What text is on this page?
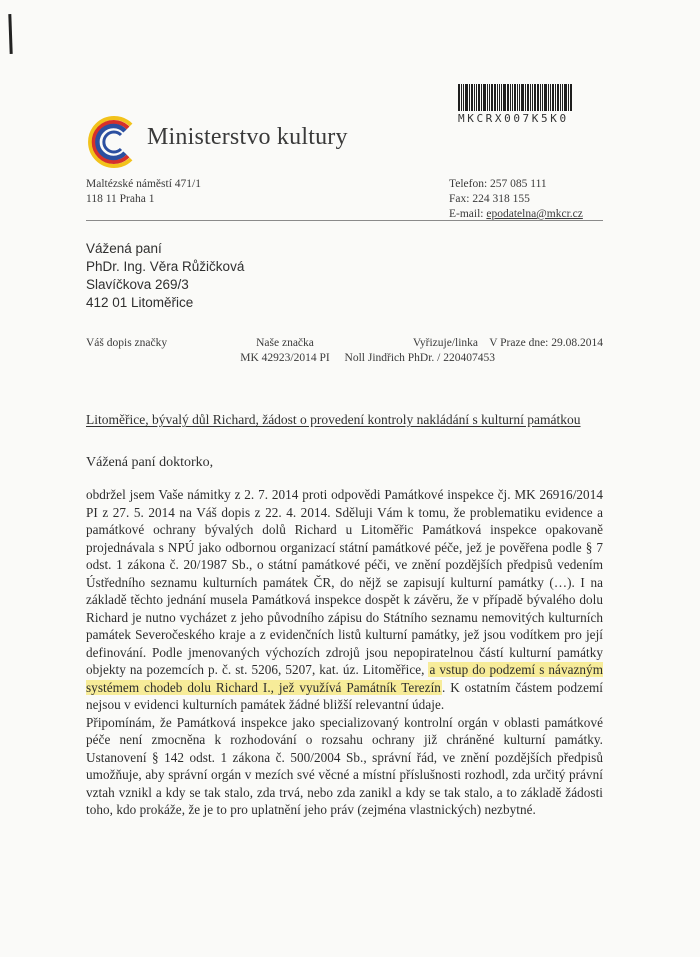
MKCRX007K5K0
Ministerstvo kultury
Maltézské náměstí 471/1
118 11 Praha 1
Telefon: 257 085 111
Fax: 224 318 155
E-mail: epodatelna@mkcr.cz
Vážená paní
PhDr. Ing. Věra Růžičková
Slavíčkova 269/3
412 01 Litoměřice
Váš dopis značky	Naše značka
MK 42923/2014 PI
Vyřizuje/linka
Noll Jindřich PhDr. / 220407453
V Praze dne: 29.08.2014
Litoměřice, bývalý důl Richard, žádost o provedení kontroly nakládání s kulturní památkou
Vážená paní doktorko,

obdržel jsem Vaše námitky z 2. 7. 2014 proti odpovědi Památkové inspekce čj. MK 26916/2014 PI z 27. 5. 2014 na Váš dopis z 22. 4. 2014. Sděluji Vám k tomu, že problematiku evidence a památkové ochrany bývalých dolů Richard u Litoměřic Památková inspekce opakovaně projednávala s NPÚ jako odbornou organizací státní památkové péče, jež je pověřena podle § 7 odst. 1 zákona č. 20/1987 Sb., o státní památkové péči, ve znění pozdějších předpisů vedením Ústředního seznamu kulturních památek ČR, do nějž se zapisují kulturní památky (…). I na základě těchto jednání musela Památková inspekce dospět k závěru, že v případě bývalého dolu Richard je nutno vycházet z jeho původního zápisu do Státního seznamu nemovitých kulturních památek Severočeského kraje a z evidenčních listů kulturní památky, jež jsou vodítkem pro její definování. Podle jmenovaných výchozích zdrojů jsou nepopiratelnou částí kulturní památky objekty na pozemcích p. č. st. 5206, 5207, kat. úz. Litoměřice, a vstup do podzemí s návazným systémem chodeb dolu Richard I., jež využívá Památník Terezín. K ostatním částem podzemí nejsou v evidenci kulturních památek žádné bližší relevantní údaje.

Připomínám, že Památková inspekce jako specializovaný kontrolní orgán v oblasti památkové péče není zmocněna k rozhodování o rozsahu ochrany již chráněné kulturní památky. Ustanovení § 142 odst. 1 zákona č. 500/2004 Sb., správní řád, ve znění pozdějších předpisů umožňuje, aby správní orgán v mezích své věcné a místní příslušnosti rozhodl, zda určitý právní vztah vznikl a kdy se tak stalo, zda trvá, nebo zda zanikl a kdy se tak stalo, a to základě žádosti toho, kdo prokáže, že je to pro uplatnění jeho práv (zejména vlastnických) nezbytné.
